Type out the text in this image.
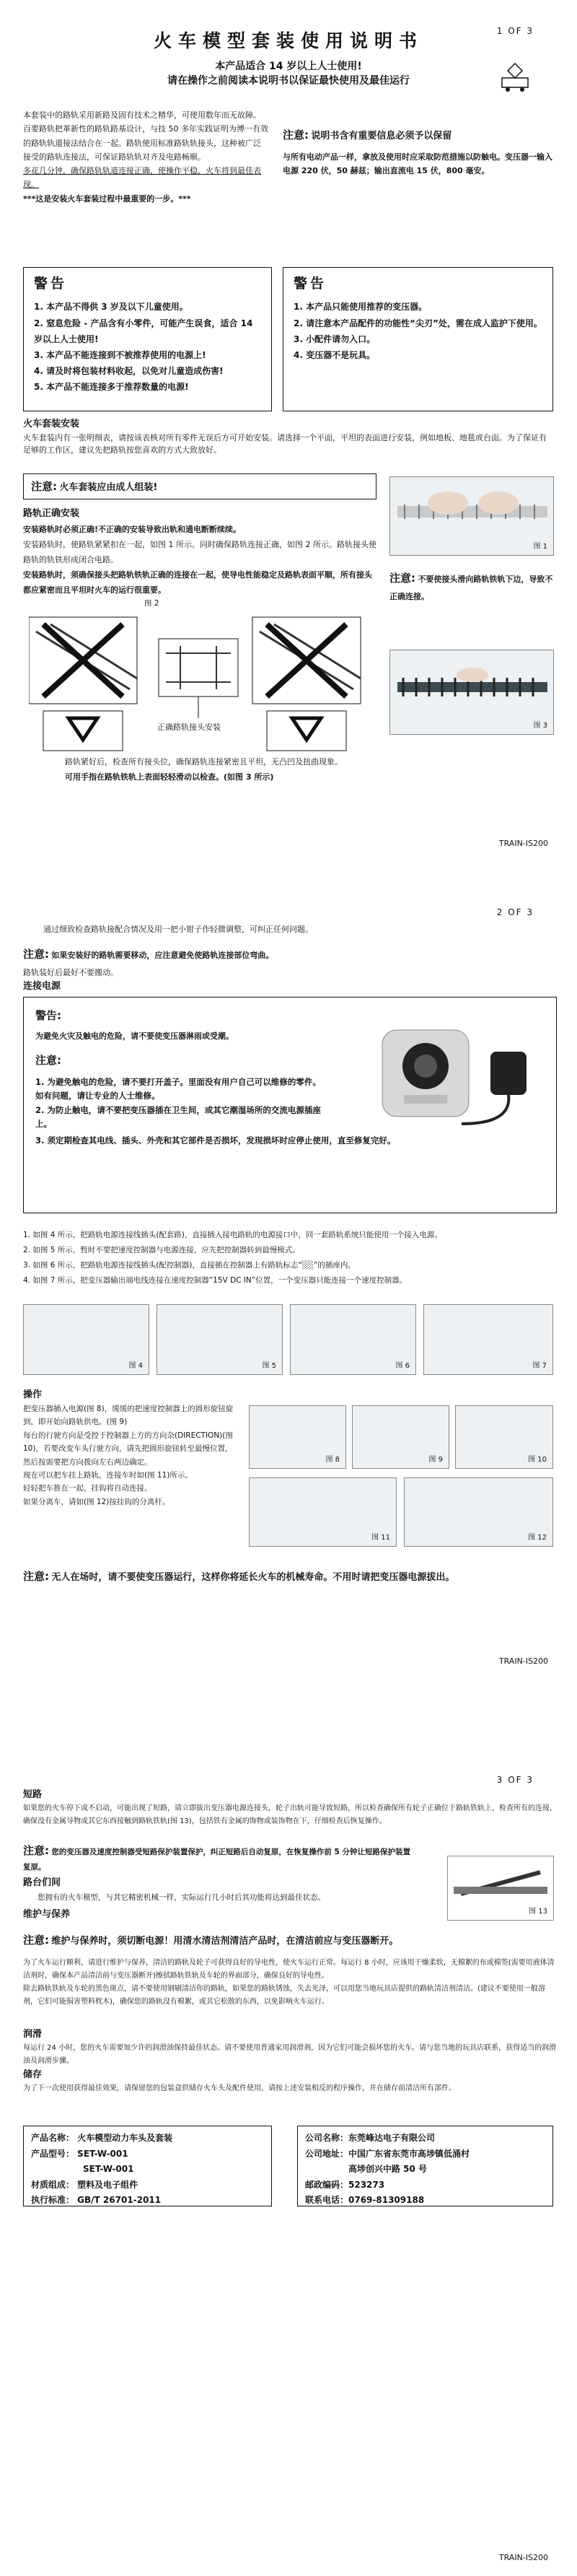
1 OF 3
火车模型套装使用说明书
本产品适合 14 岁以上人士使用!
请在操作之前阅读本说明书以保证最快使用及最佳运行
本套装中的路轨采用新路及固有技术之精华，可使用数年而无故障。百要路轨把革新性的路轨路基设计，与技 50 多年实践证明为博一有效的路轨轨道接法结合在一起。路轨使用标准路轨轨接头，这种被广泛接受的路轨连接法，可保证路轨轨对齐及电路畅顺。
多花几分钟，确保路轨轨道连接正确，使操作平稳，火车将到最佳表现。
***这是安装火车套装过程中最重要的一步。***
注意: 说明书含有重要信息必须予以保留
与所有电动产品一样，拿放及使用时应采取防范措施以防触电。变压器一输入电源 220 伏，50 赫兹；输出直流电 15 伏，800 毫安。
警告
1. 本产品不得供 3 岁及以下儿童使用。
2. 窒息危险 - 产品含有小零件，可能产生误食，适合 14 岁以上人士使用!
3. 本产品不能连接到不被推荐使用的电源上!
4. 请及时将包装材料收起，以免对儿童造成伤害!
5. 本产品不能连接多于推荐数量的电源!
警告
1. 本产品只能使用推荐的变压器。
2. 请注意本产品配件的功能性“尖刃”处，需在成人监护下使用。
3. 小配件请勿入口。
4. 变压器不是玩具。
火车套装安装
火车套装内有一张明细表，请按该表核对所有零件无误后方可开始安装。请选择一个平面，平坦的表面进行安装，例如地板、地毯或台面。为了保证有足够的工作区，建议先把路轨按您喜欢的方式大致放好。
注意: 火车套装应由成人组装!
路轨正确安装
安装路轨时必须正确!不正确的安装导致出轨和通电断断续续。
安装路轨时，使路轨紧紧扣在一起，如图 1 所示。同时确保路轨连接正确，如图 2 所示。路轨接头使路轨的轨铁形成闭合电路。
安装路轨时，须确保接头把路轨铁轨正确的连接在一起，使导电性能稳定及路轨表面平顺，所有接头都应紧密而且平坦时火车的运行很重要。
图 1
图 2
正确路轨接头安装
注意: 不要使接头滑向路轨铁轨下边，导致不正确连接。
图 3
路轨紧好后，检查所有接头位，确保路轨连接紧密且平坦，无凸凹及扭曲现象。
可用手指在路轨铁轨上表面轻轻滑动以检查。(如图 3 所示)
TRAIN-IS200
2 OF 3
通过细致检查路轨接配合情况及用一把小钳子作轻微调整，可纠正任何问题。
注意: 如果安装好的路轨需要移动，应注意避免使路轨连接部位弯曲。
路轨装好后最好不要搬动。
连接电源
警告:
为避免火灾及触电的危险，请不要使变压器淋雨或受潮。
注意:
1. 为避免触电的危险，请不要打开盖子。里面没有用户自己可以维修的零件。如有问题，请让专业的人士维修。
2. 为防止触电，请不要把变压器插在卫生间，或其它潮湿场所的交流电源插座上。
3. 须定期检查其电线、插头、外壳和其它部件是否损坏，发现损坏时应停止使用，直至修复完好。
1. 如图 4 所示，把路轨电源连接线插头(配套路)，直接插入接电路轨的电源接口中，同一套路轨系统只能使用一个接入电源。
2. 如图 5 所示，暂时不要把速度控制器与电源连接，应先把控制器转到最慢模式。
3. 如图 6 所示，把路轨电源连接线插头(配控制器)，直接插在控制器上有路轨标志“░░”的插座内。
4. 如图 7 所示，把变压器输出端电线连接在速度控制器“15V DC IN”位置，一个变压器只能连接一个速度控制器。
图 4	图 5	图 6	图 7
操作
把变压器插入电源(图 8)，缓缓的把速度控制器上的圆形旋钮旋到，即开始向路轨供电。(图 9)
每台的行驶方向是受控于控制器上方的方向杂(DIRECTION)(图 10)，若要改变车头行驶方向，请先把圆形旋钮转至最慢位置，然后按需要把方向拨向左右两边确定。
现在可以把车挂上路轨，连接车时如(图 11)所示。
轻轻把车推在一起，挂钩将自动连接。
如果分离车，请如(图 12)按挂钩的分离杆。
图 8	图 9	图 10
图 11	图 12
注意: 无人在场时，请不要使变压器运行，这样你将延长火车的机械寿命。不用时请把变压器电源拔出。
TRAIN-IS200
3 OF 3
短路
如果您的火车停下或不启动，可能出现了短路，请立即拔出变压器电源连接头，轮子出轨可能导致短路，所以检查确保所有轮子正确位于路轨铁轨上，检查所有的连接，确保没有金属导物或其它东西接触到路轨铁轨(图 13)，包括铁有金属的饰物或装饰物在下，仔细检查后恢复操作。
注意: 您的变压器及速度控制器受短路保护装置保护，纠正短路后自动复原，在恢复操作前 5 分钟让短路保护装置复原。
路台们间
您拥有的火车模型，与其它精密机械一样，实际运行几小时后其功能将达到最佳状态。
维护与保养	图 13
注意: 维护与保养时，须切断电源！用清水清洁剂清洁产品时，在清洁前应与变压器断开。
为了火车运行顺利，请进行维护与保养，清洁的路轨及轮子可获得良好的导电性，使火车运行正常。每运行 8 小时，应该用干燥柔软，无棉絮的布或棉签(需要用液体清洁剂时，确保本产品清洁前与变压器断开)擦拭路轨铁轨及车轮的界面部分，确保良好的导电性。
除去路轨铁轨及车轮的黑色斑点，请不要使用钢刷清洁你的路轨，如果您的路轨锈蚀，失去光泽，可以用您当地玩具店提供的路轨清洁剂清洁。(建议不要使用一般溶剂，它们可能损害塑料枕木)，确保您的路轨没有棉絮，或其它松散的东西，以免影响火车运行。
润滑
每运行 24 小时，您的火车需要加少许的润滑油保持最佳状态。请不要使用普通家用润滑剂，因为它们可能会损坏您的火车。请与您当地的玩具店联系，获得适当的润滑油及润滑步骤。
储存
为了下一次使用获得最佳效果，请保留您的包装盒供储存火车头及配件使用，请按上述安装相反的程序操作，并在储存前清洁所有部件。
产品名称： 火车模型动力车头及套装
产品型号： SET-W-001
SET-W-001
材质组成： 塑料及电子组件
执行标准： GB/T 26701-2011
公司名称：东莞峰达电子有限公司
公司地址：中国广东省东莞市高埗镇低涌村
高埗创兴中路 50 号
邮政编码：523273
联系电话：0769-81309188
TRAIN-IS200
